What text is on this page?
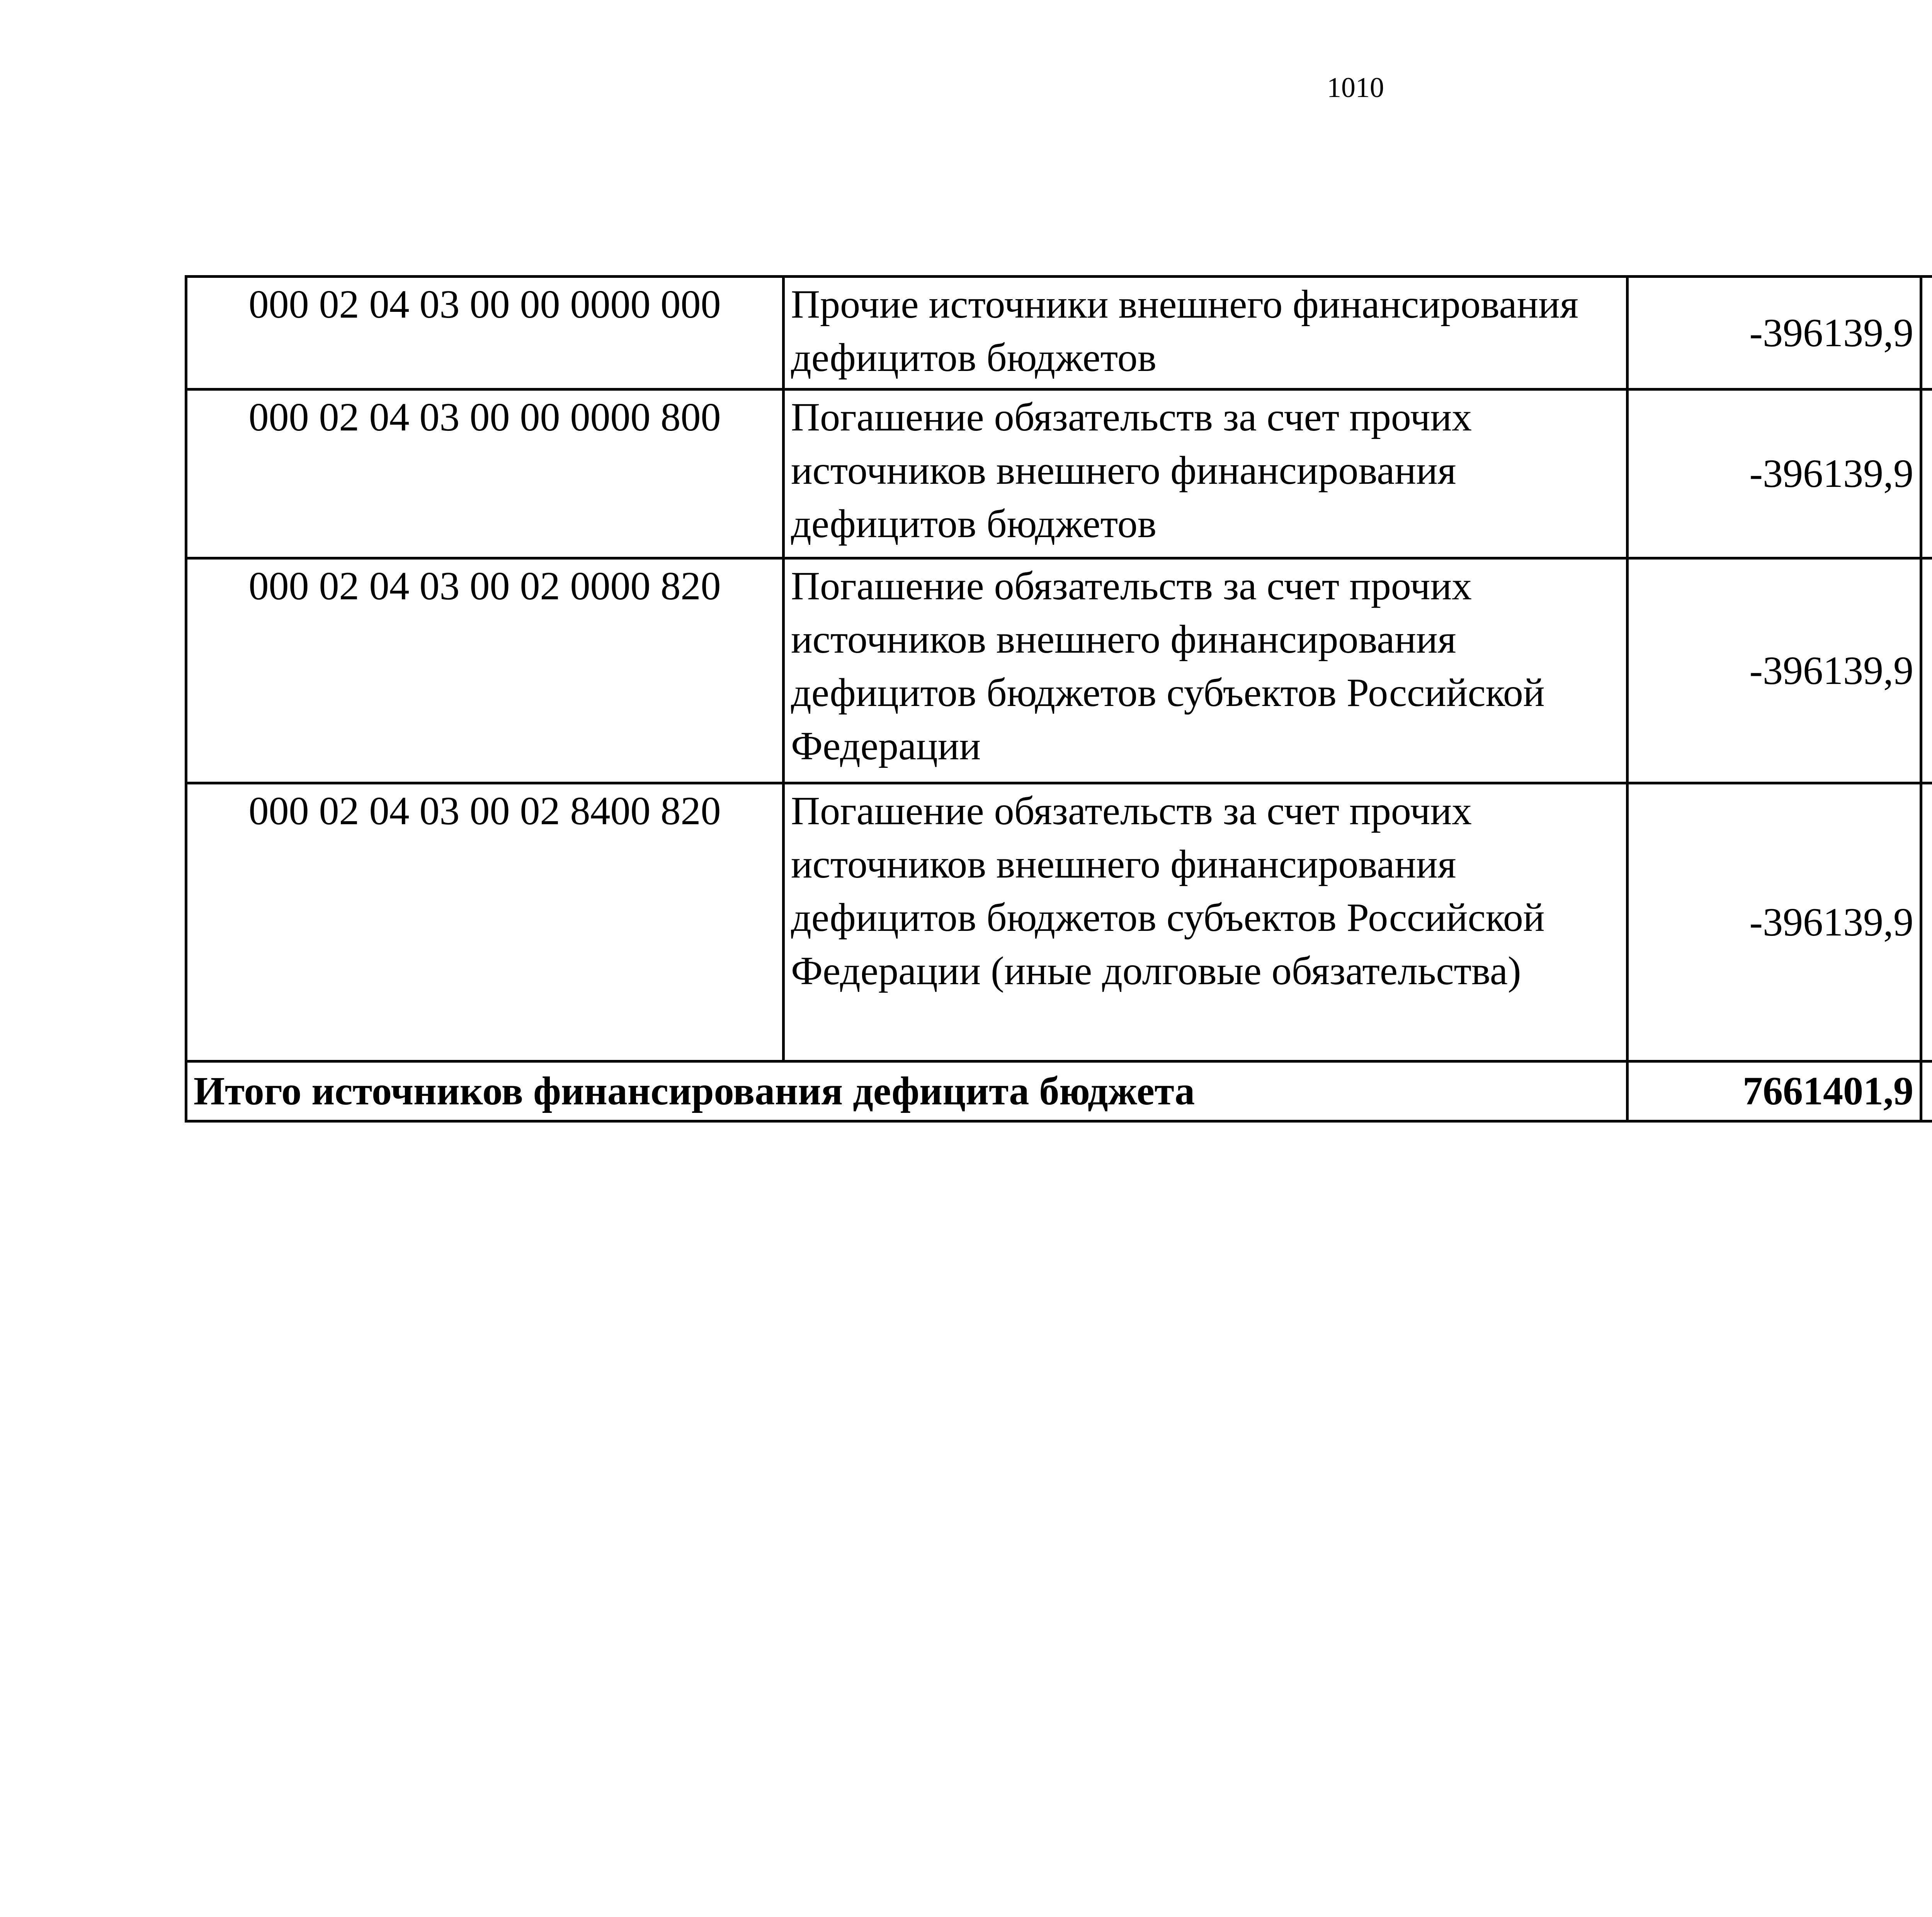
1010
000 02 04 03 00 00 0000 000	Прочие источники внешнего финансирования дефицитов бюджетов	-396139,9		
000 02 04 03 00 00 0000 800	Погашение обязательств за счет прочих источников внешнего финансирования дефицитов бюджетов	-396139,9		
000 02 04 03 00 02 0000 820	Погашение обязательств за счет прочих источников внешнего финансирования дефицитов бюджетов субъектов Российской Федерации	-396139,9		
000 02 04 03 00 02 8400 820	Погашение обязательств за счет прочих источников внешнего финансирования дефицитов бюджетов субъектов Российской Федерации (иные долговые обязательства)	-396139,9		
Итого источников финансирования дефицита бюджета		7661401,9		
